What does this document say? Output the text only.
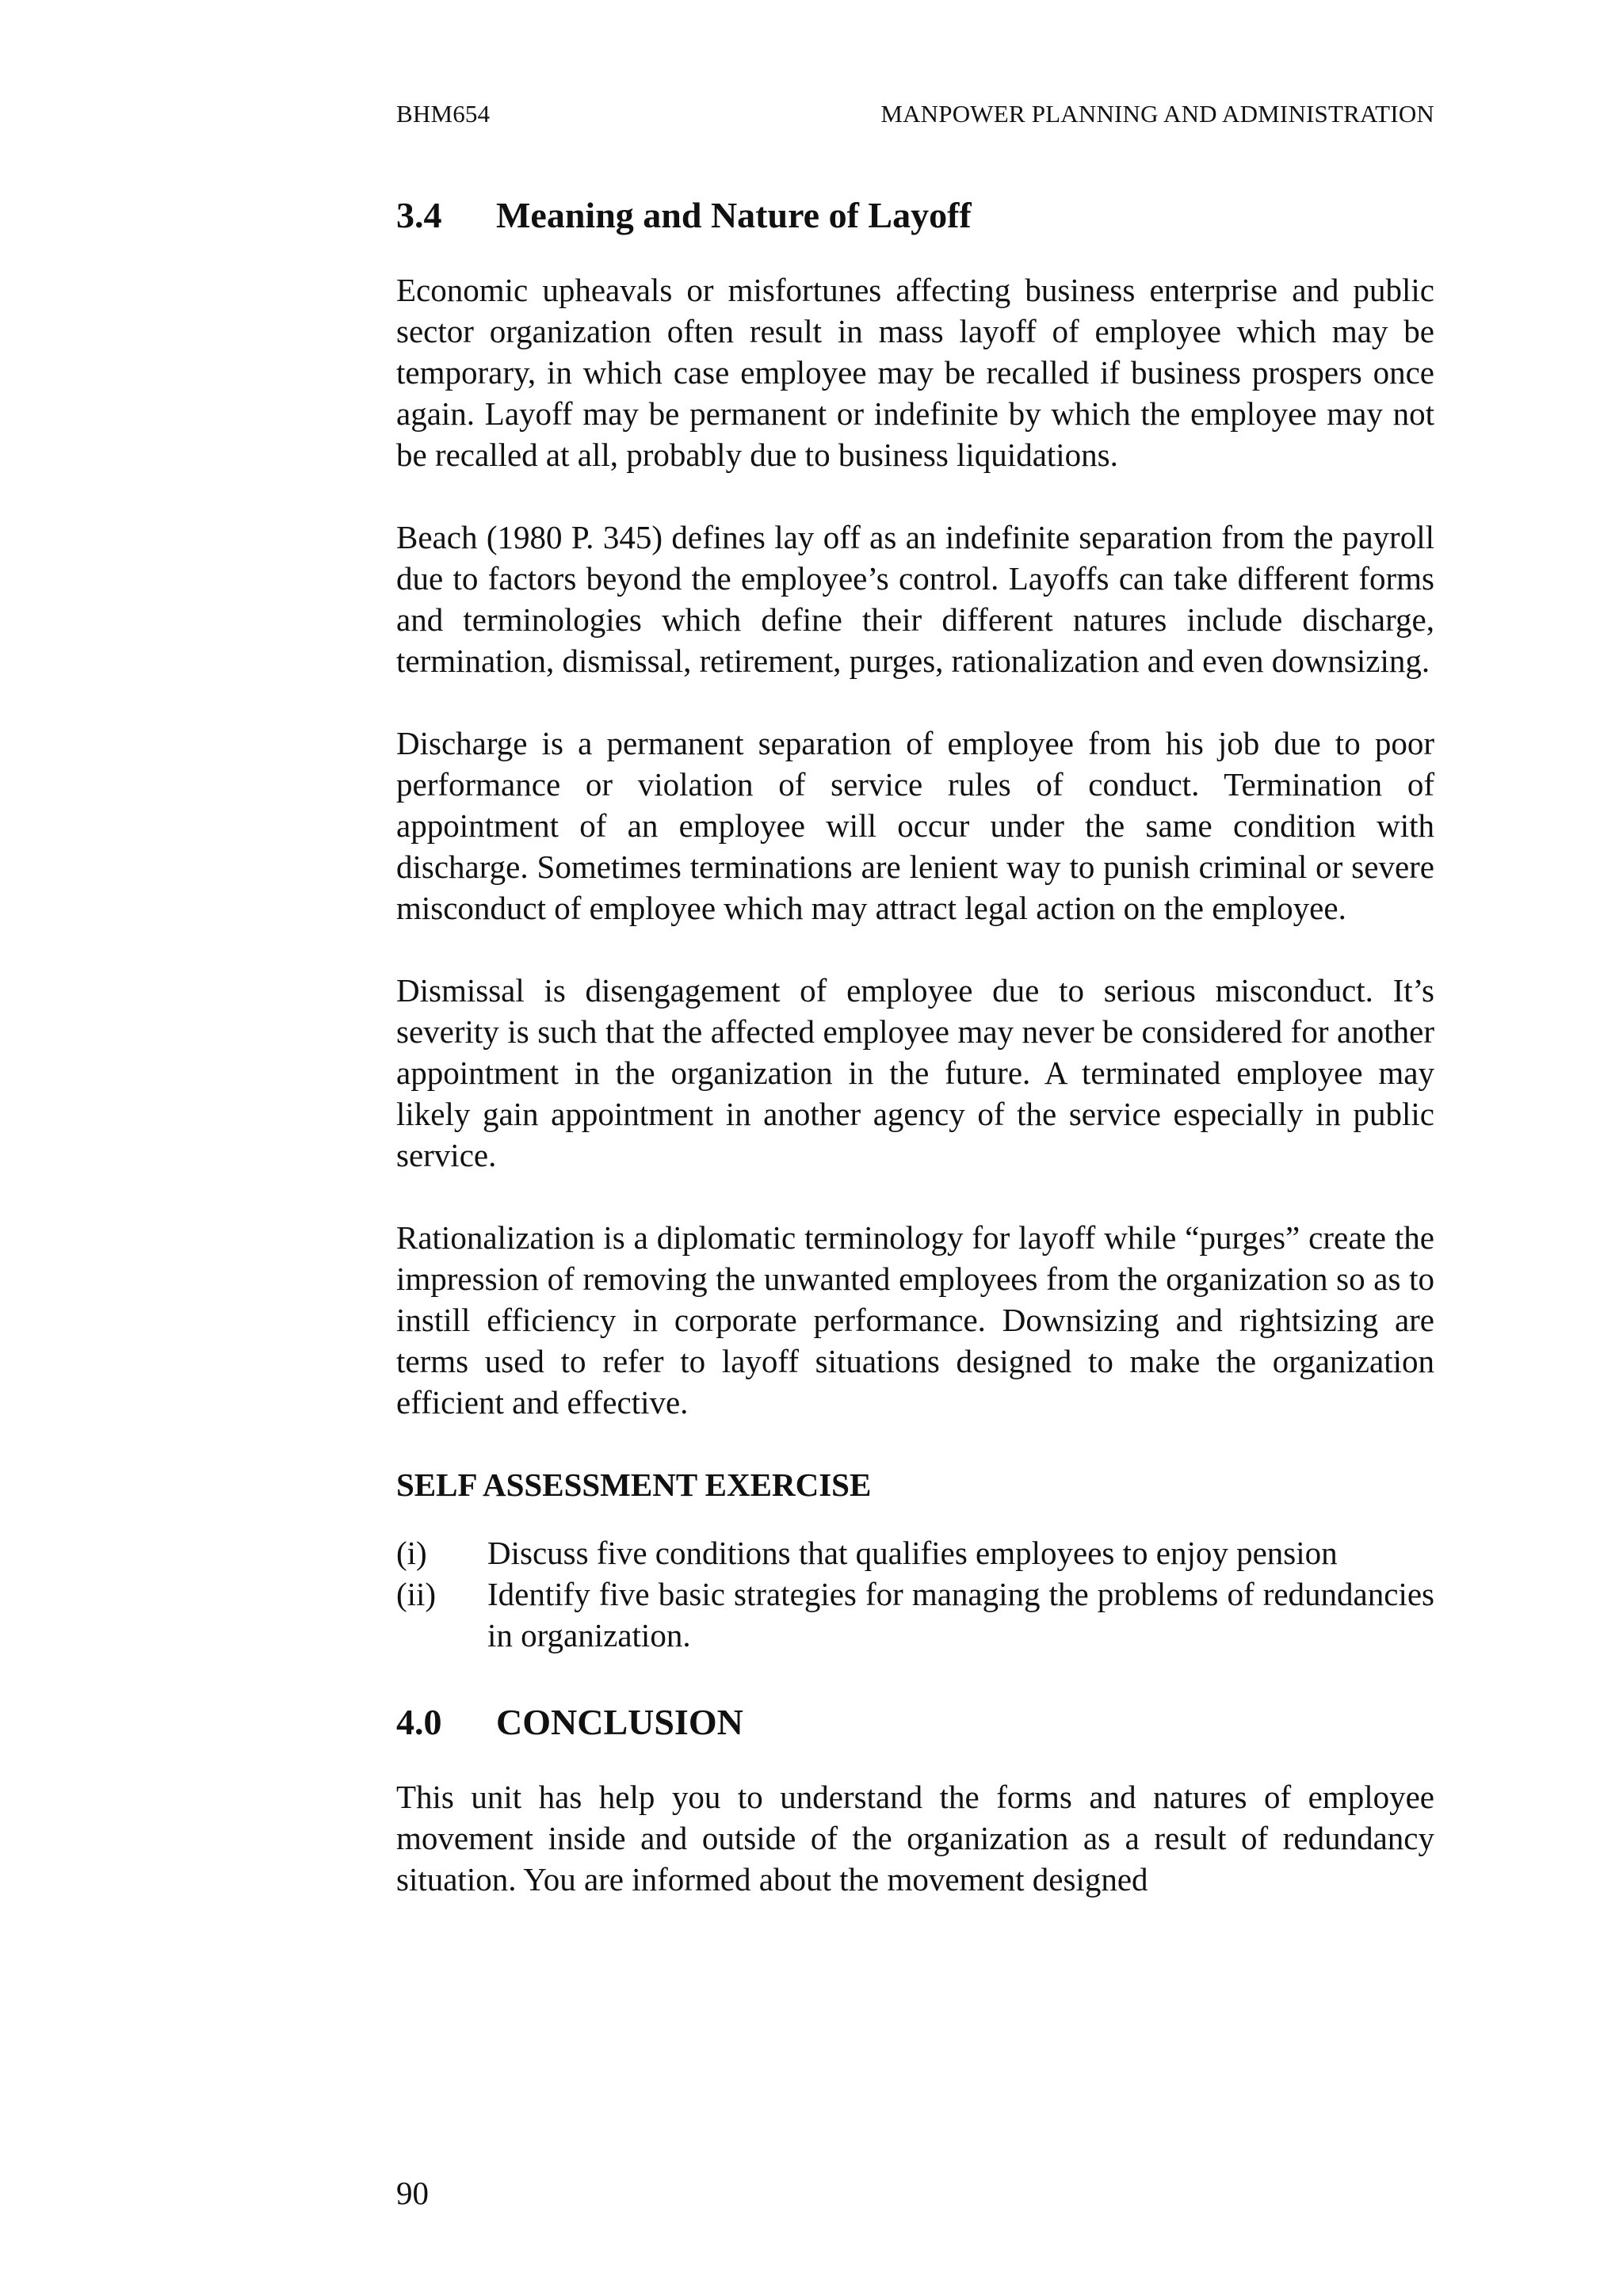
BHM654	MANPOWER PLANNING AND ADMINISTRATION
3.4	Meaning and Nature of Layoff

Economic upheavals or misfortunes affecting business enterprise and public sector organization often result in mass layoff of employee which may be temporary, in which case employee may be recalled if business prospers once again. Layoff may be permanent or indefinite by which the employee may not be recalled at all, probably due to business liquidations.

Beach (1980 P. 345) defines lay off as an indefinite separation from the payroll due to factors beyond the employee’s control. Layoffs can take different forms and terminologies which define their different natures include discharge, termination, dismissal, retirement, purges, rationalization and even downsizing.

Discharge is a permanent separation of employee from his job due to poor performance or violation of service rules of conduct. Termination of appointment of an employee will occur under the same condition with discharge. Sometimes terminations are lenient way to punish criminal or severe misconduct of employee which may attract legal action on the employee.

Dismissal is disengagement of employee due to serious misconduct. It’s severity is such that the affected employee may never be considered for another appointment in the organization in the future. A terminated employee may likely gain appointment in another agency of the service especially in public service.

Rationalization is a diplomatic terminology for layoff while “purges” create the impression of removing the unwanted employees from the organization so as to instill efficiency in corporate performance. Downsizing and rightsizing are terms used to refer to layoff situations designed to make the organization efficient and effective.

SELF ASSESSMENT EXERCISE
(i)	Discuss five conditions that qualifies employees to enjoy pension
(ii)	Identify five basic strategies for managing the problems of redundancies in organization.
4.0	CONCLUSION

This unit has help you to understand the forms and natures of employee movement inside and outside of the organization as a result of redundancy situation. You are informed about the movement designed

90
